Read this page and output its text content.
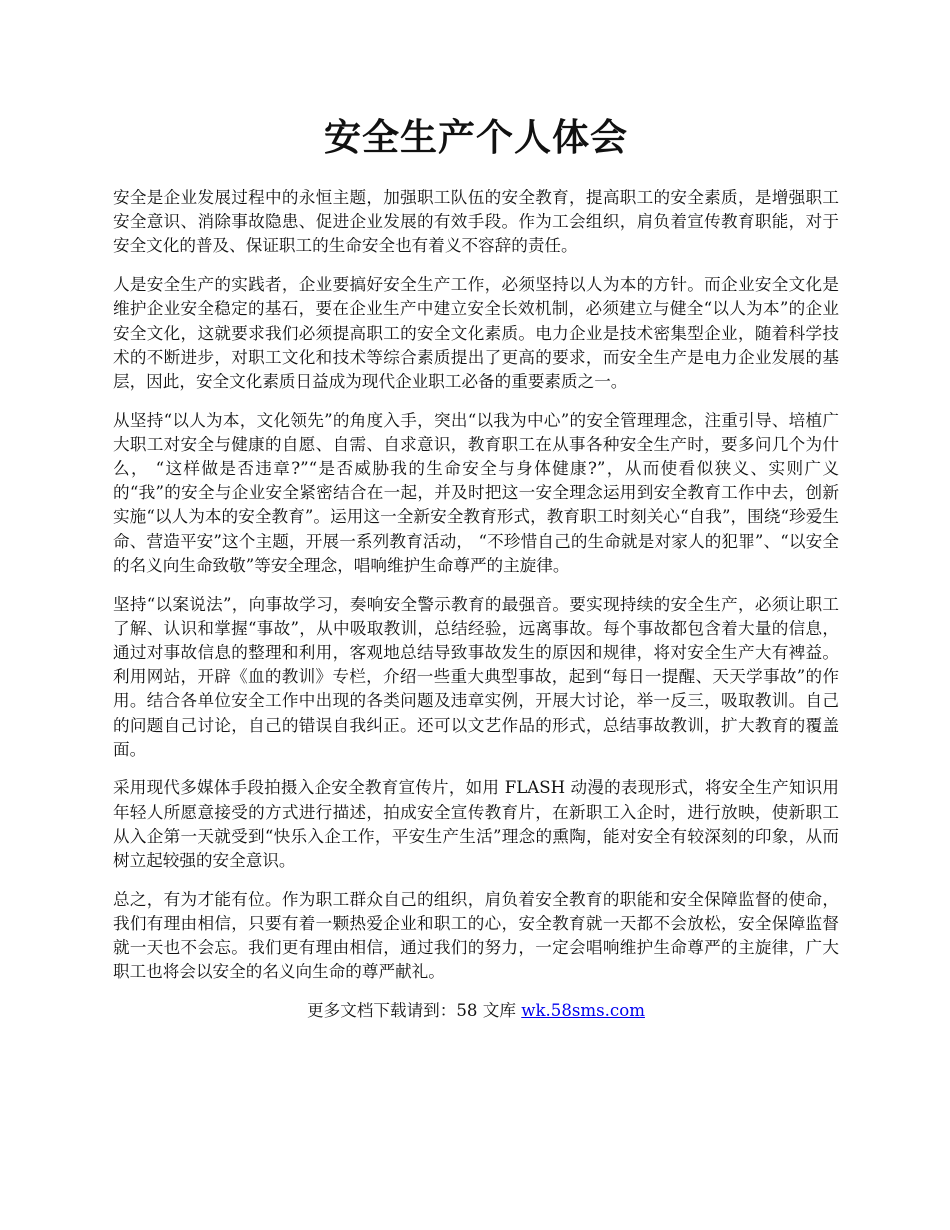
安全生产个人体会

安全是企业发展过程中的永恒主题，加强职工队伍的安全教育，提高职工的安全素质，是增强职工安全意识、消除事故隐患、促进企业发展的有效手段。作为工会组织，肩负着宣传教育职能，对于安全文化的普及、保证职工的生命安全也有着义不容辞的责任。

人是安全生产的实践者，企业要搞好安全生产工作，必须坚持以人为本的方针。而企业安全文化是维护企业安全稳定的基石，要在企业生产中建立安全长效机制，必须建立与健全“以人为本”的企业安全文化，这就要求我们必须提高职工的安全文化素质。电力企业是技术密集型企业，随着科学技术的不断进步，对职工文化和技术等综合素质提出了更高的要求，而安全生产是电力企业发展的基层，因此，安全文化素质日益成为现代企业职工必备的重要素质之一。

从坚持“以人为本，文化领先”的角度入手，突出“以我为中心”的安全管理理念，注重引导、培植广大职工对安全与健康的自愿、自需、自求意识，教育职工在从事各种安全生产时，要多问几个为什么， “这样做是否违章?”“是否威胁我的生命安全与身体健康?”，从而使看似狭义、实则广义的“我”的安全与企业安全紧密结合在一起，并及时把这一安全理念运用到安全教育工作中去，创新实施“以人为本的安全教育”。运用这一全新安全教育形式，教育职工时刻关心“自我”，围绕“珍爱生命、营造平安”这个主题，开展一系列教育活动， “不珍惜自己的生命就是对家人的犯罪”、“以安全的名义向生命致敬”等安全理念，唱响维护生命尊严的主旋律。

坚持“以案说法”，向事故学习，奏响安全警示教育的最强音。要实现持续的安全生产，必须让职工了解、认识和掌握“事故”，从中吸取教训，总结经验，远离事故。每个事故都包含着大量的信息，通过对事故信息的整理和利用，客观地总结导致事故发生的原因和规律，将对安全生产大有裨益。利用网站，开辟《血的教训》专栏，介绍一些重大典型事故，起到“每日一提醒、天天学事故”的作用。结合各单位安全工作中出现的各类问题及违章实例，开展大讨论，举一反三，吸取教训。自己的问题自己讨论，自己的错误自我纠正。还可以文艺作品的形式，总结事故教训，扩大教育的覆盖面。

采用现代多媒体手段拍摄入企安全教育宣传片，如用 FLASH 动漫的表现形式，将安全生产知识用年轻人所愿意接受的方式进行描述，拍成安全宣传教育片，在新职工入企时，进行放映，使新职工从入企第一天就受到“快乐入企工作，平安生产生活”理念的熏陶，能对安全有较深刻的印象，从而树立起较强的安全意识。

总之，有为才能有位。作为职工群众自己的组织，肩负着安全教育的职能和安全保障监督的使命，我们有理由相信，只要有着一颗热爱企业和职工的心，安全教育就一天都不会放松，安全保障监督就一天也不会忘。我们更有理由相信，通过我们的努力，一定会唱响维护生命尊严的主旋律，广大职工也将会以安全的名义向生命的尊严献礼。

更多文档下载请到：58 文库 wk.58sms.com
